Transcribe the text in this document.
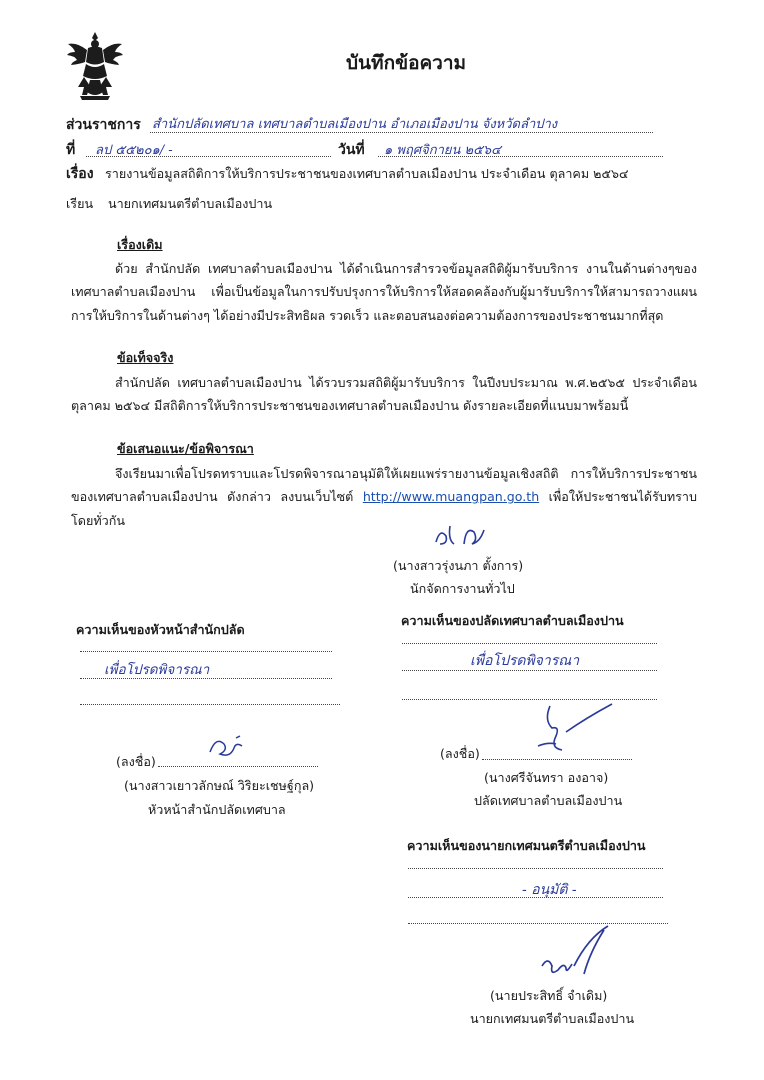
บันทึกข้อความ
ส่วนราชการ สำนักปลัดเทศบาล เทศบาลตำบลเมืองปาน อำเภอเมืองปาน จังหวัดลำปาง
ที่ ลป ๕๕๒๐๑/ -	วันที่ ๑ พฤศจิกายน ๒๕๖๔
เรื่อง รายงานข้อมูลสถิติการให้บริการประชาชนของเทศบาลตำบลเมืองปาน ประจำเดือน ตุลาคม ๒๕๖๔
เรียน นายกเทศมนตรีตำบลเมืองปาน
เรื่องเดิม
ด้วย สำนักปลัด เทศบาลตำบลเมืองปาน ได้ดำเนินการสำรวจข้อมูลสถิติผู้มารับบริการ งานในด้านต่างๆของเทศบาลตำบลเมืองปาน เพื่อเป็นข้อมูลในการปรับปรุงการให้บริการให้สอดคล้องกับผู้มารับบริการให้สามารถวางแผนการให้บริการในด้านต่างๆ ได้อย่างมีประสิทธิผล รวดเร็ว และตอบสนองต่อความต้องการของประชาชนมากที่สุด
ข้อเท็จจริง
สำนักปลัด เทศบาลตำบลเมืองปาน ได้รวบรวมสถิติผู้มารับบริการ ในปีงบประมาณ พ.ศ.๒๕๖๕ ประจำเดือน ตุลาคม ๒๕๖๔ มีสถิติการให้บริการประชาชนของเทศบาลตำบลเมืองปาน ดังรายละเอียดที่แนบมาพร้อมนี้
ข้อเสนอแนะ/ข้อพิจารณา
จึงเรียนมาเพื่อโปรดทราบและโปรดพิจารณาอนุมัติให้เผยแพร่รายงานข้อมูลเชิงสถิติ การให้บริการประชาชนของเทศบาลตำบลเมืองปาน ดังกล่าว ลงบนเว็บไซต์ http://www.muangpan.go.th เพื่อให้ประชาชนได้รับทราบ โดยทั่วกัน
(นางสาวรุ่งนภา ตั้งการ)
นักจัดการงานทั่วไป
ความเห็นของหัวหน้าสำนักปลัด
เพื่อโปรดพิจารณา
(ลงชื่อ)
(นางสาวเยาวลักษณ์ วิริยะเชษฐ์กุล)
หัวหน้าสำนักปลัดเทศบาล
ความเห็นของปลัดเทศบาลตำบลเมืองปาน
เพื่อโปรดพิจารณา
(ลงชื่อ)
(นางศรีจันทรา องอาจ)
ปลัดเทศบาลตำบลเมืองปาน
ความเห็นของนายกเทศมนตรีตำบลเมืองปาน
- อนุมัติ -
(นายประสิทธิ์ จำเดิม)
นายกเทศมนตรีตำบลเมืองปาน
